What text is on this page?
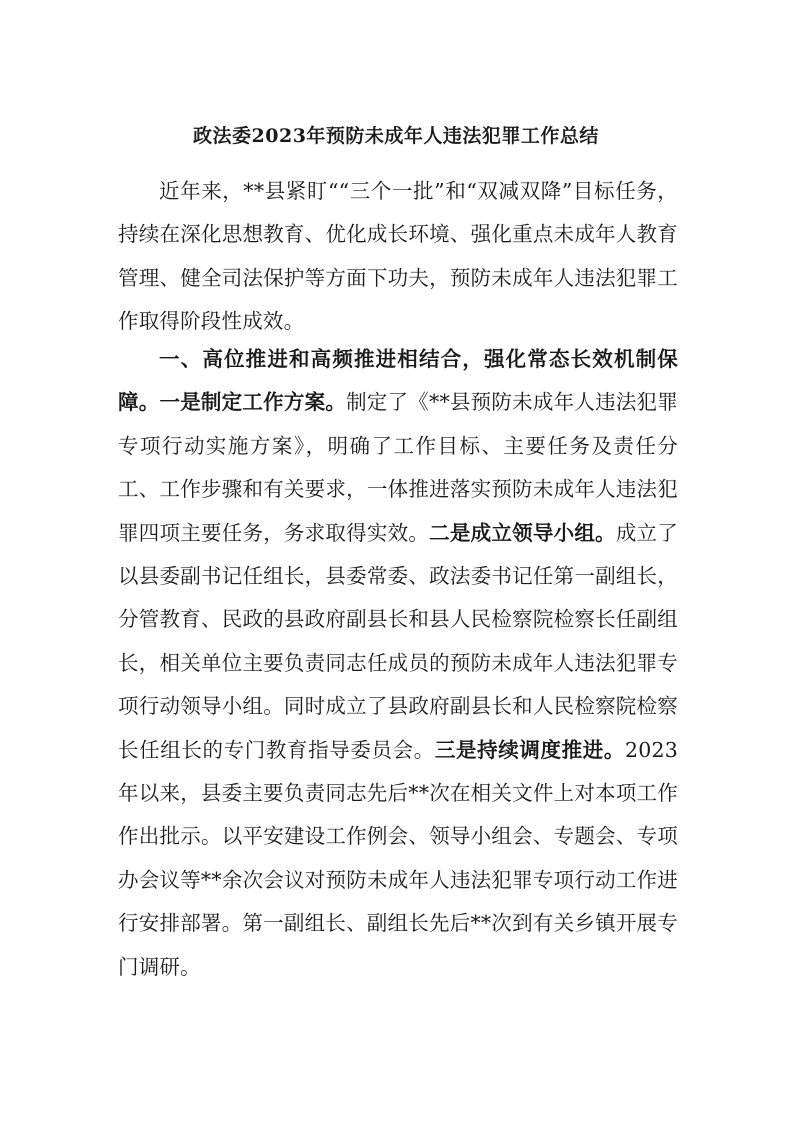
政法委2023年预防未成年人违法犯罪工作总结

近年来，**县紧盯““三个一批”和“双减双降”目标任务，持续在深化思想教育、优化成长环境、强化重点未成年人教育管理、健全司法保护等方面下功夫，预防未成年人违法犯罪工作取得阶段性成效。

一、高位推进和高频推进相结合，强化常态长效机制保障。一是制定工作方案。制定了《**县预防未成年人违法犯罪专项行动实施方案》，明确了工作目标、主要任务及责任分工、工作步骤和有关要求，一体推进落实预防未成年人违法犯罪四项主要任务，务求取得实效。二是成立领导小组。成立了以县委副书记任组长，县委常委、政法委书记任第一副组长，分管教育、民政的县政府副县长和县人民检察院检察长任副组长，相关单位主要负责同志任成员的预防未成年人违法犯罪专项行动领导小组。同时成立了县政府副县长和人民检察院检察长任组长的专门教育指导委员会。三是持续调度推进。2023年以来，县委主要负责同志先后**次在相关文件上对本项工作作出批示。以平安建设工作例会、领导小组会、专题会、专项办会议等**余次会议对预防未成年人违法犯罪专项行动工作进行安排部署。第一副组长、副组长先后**次到有关乡镇开展专门调研。
